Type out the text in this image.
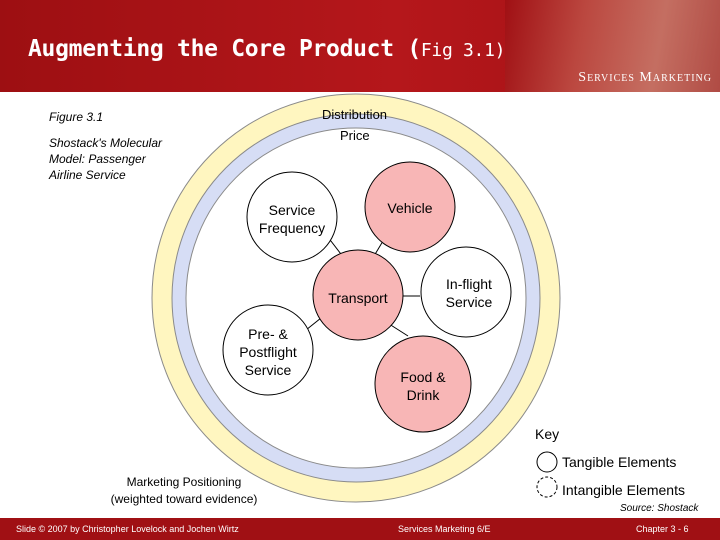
Augmenting the Core Product (Fig 3.1)
Services Marketing
Figure 3.1
Shostack's Molecular
Model: Passenger
Airline Service
Distribution
Price
Service
Frequency
Vehicle
Transport
In-flight
Service
Pre- &
Postflight
Service	Food &
Drink
Marketing Positioning
(weighted toward evidence)
Key
Tangible Elements
Intangible Elements
Source: Shostack
Slide © 2007 by Christopher Lovelock and Jochen Wirtz	Services Marketing 6/E	Chapter 3 - 6
